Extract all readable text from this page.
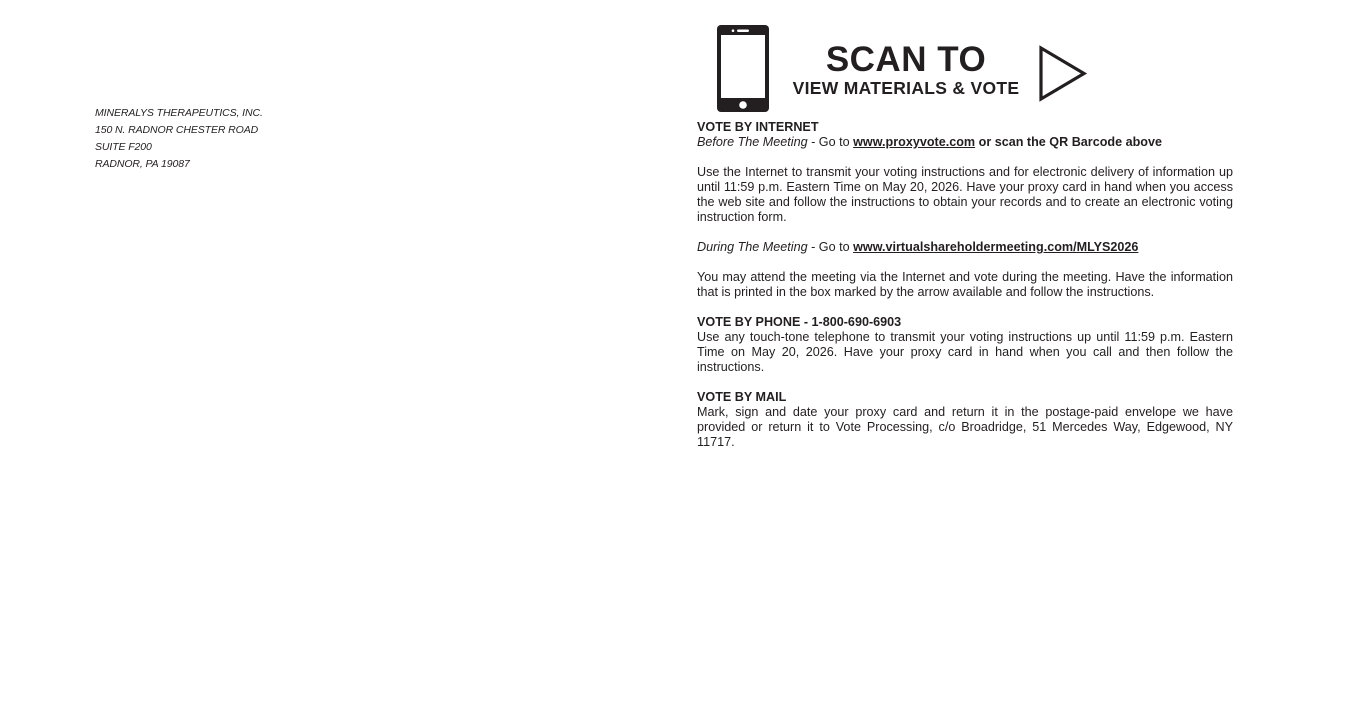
MINERALYS THERAPEUTICS, INC.
150 N. RADNOR CHESTER ROAD
SUITE F200
RADNOR, PA 19087
SCAN TO
VIEW MATERIALS & VOTE

VOTE BY INTERNET

Before The Meeting - Go to www.proxyvote.com or scan the QR Barcode above

Use the Internet to transmit your voting instructions and for electronic delivery of information up until 11:59 p.m. Eastern Time on May 20, 2026. Have your proxy card in hand when you access the web site and follow the instructions to obtain your records and to create an electronic voting instruction form.

During The Meeting - Go to www.virtualshareholdermeeting.com/MLYS2026

You may attend the meeting via the Internet and vote during the meeting. Have the information that is printed in the box marked by the arrow available and follow the instructions.

VOTE BY PHONE - 1-800-690-6903

Use any touch-tone telephone to transmit your voting instructions up until 11:59 p.m. Eastern Time on May 20, 2026. Have your proxy card in hand when you call and then follow the instructions.

VOTE BY MAIL

Mark, sign and date your proxy card and return it in the postage-paid envelope we have provided or return it to Vote Processing, c/o Broadridge, 51 Mercedes Way, Edgewood, NY 11717.
